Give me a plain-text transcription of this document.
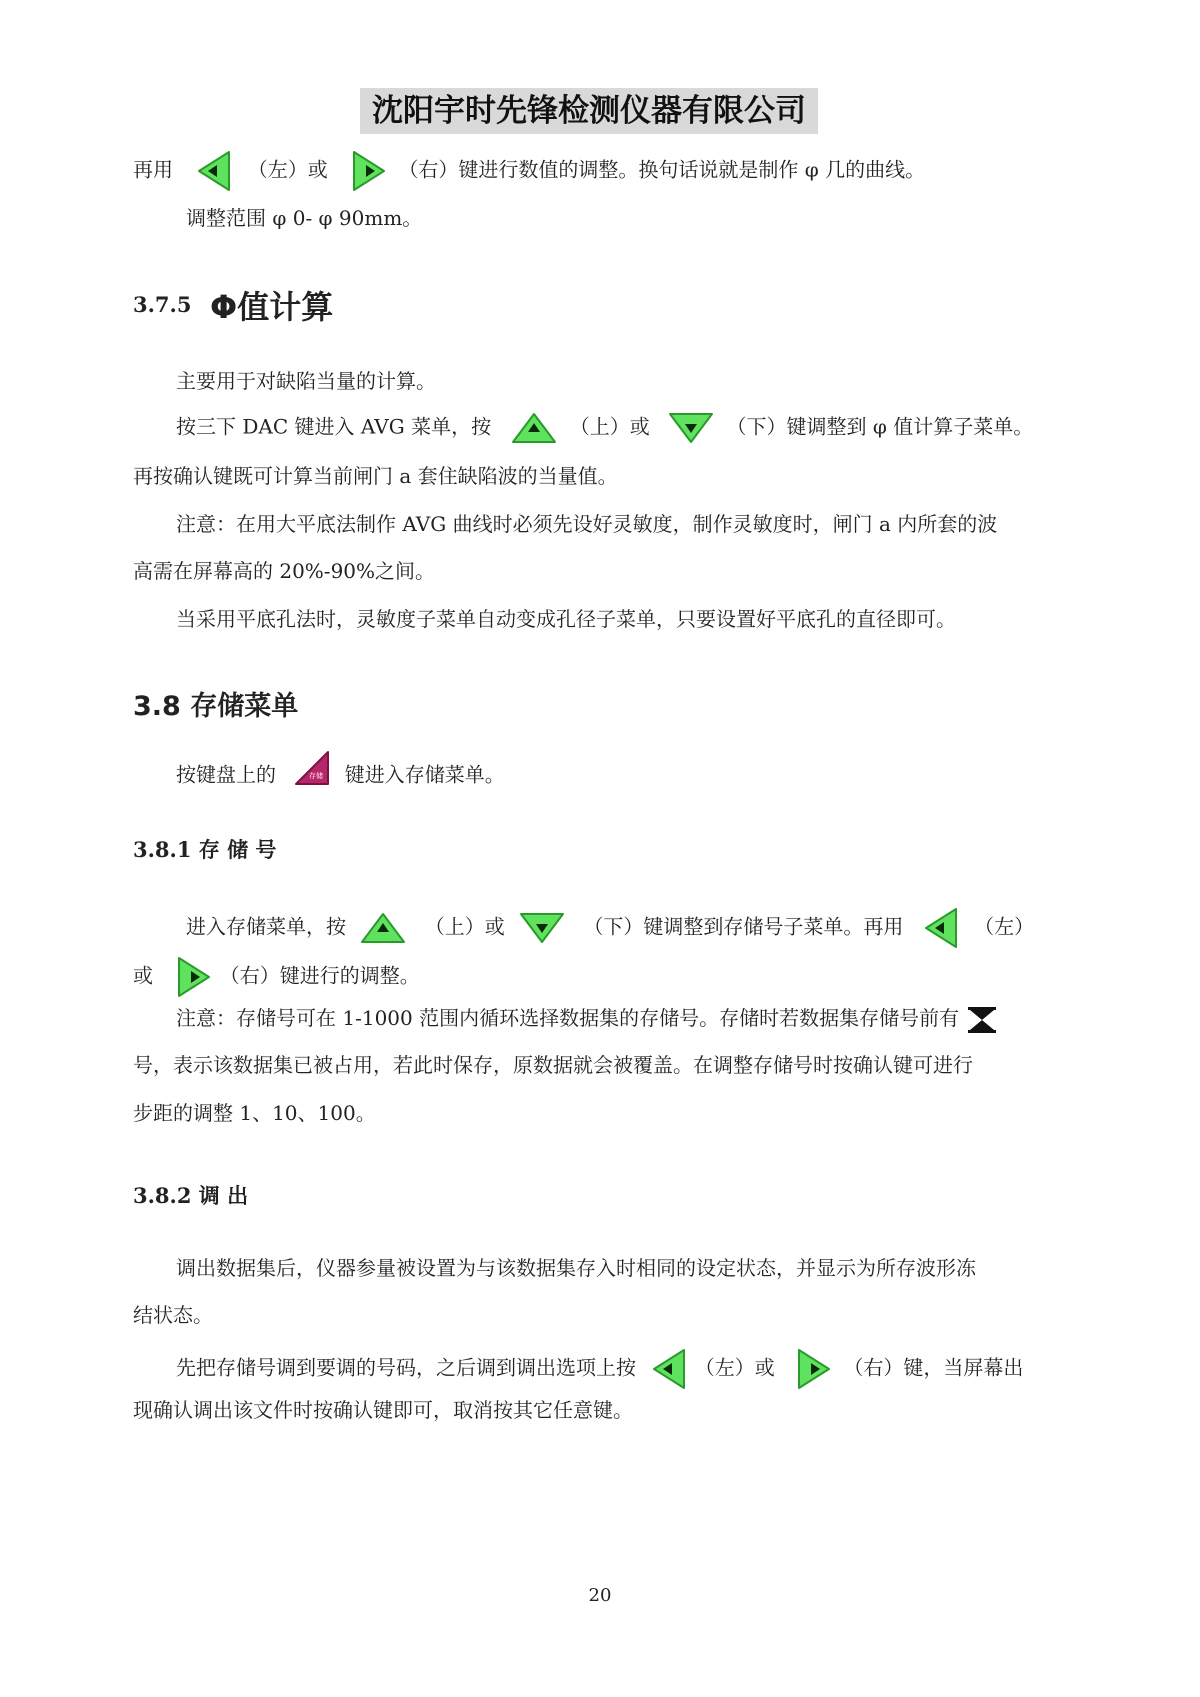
沈阳宇时先锋检测仪器有限公司
再用	（左）或	（右）键进行数值的调整。换句话说就是制作 φ 几的曲线。
调整范围 φ 0- φ 90mm。
3.7.5 Φ值计算
主要用于对缺陷当量的计算。
按三下 DAC 键进入 AVG 菜单，按	（上）或	（下）键调整到 φ 值计算子菜单。
再按确认键既可计算当前闸门 a 套住缺陷波的当量值。
注意：在用大平底法制作 AVG 曲线时必须先设好灵敏度，制作灵敏度时，闸门 a 内所套的波
高需在屏幕高的 20%-90%之间。
当采用平底孔法时，灵敏度子菜单自动变成孔径子菜单，只要设置好平底孔的直径即可。
3.8 存储菜单
按键盘上的	存储 键进入存储菜单。
3.8.1 存 储 号
进入存储菜单，按	（上）或	（下）键调整到存储号子菜单。再用	（左）
或	（右）键进行的调整。
注意：存储号可在 1-1000 范围内循环选择数据集的存储号。存储时若数据集存储号前有
号，表示该数据集已被占用，若此时保存，原数据就会被覆盖。在调整存储号时按确认键可进行
步距的调整 1、10、100。
3.8.2 调 出
调出数据集后，仪器参量被设置为与该数据集存入时相同的设定状态，并显示为所存波形冻
结状态。
先把存储号调到要调的号码，之后调到调出选项上按	（左）或	（右）键，当屏幕出
现确认调出该文件时按确认键即可，取消按其它任意键。
20
